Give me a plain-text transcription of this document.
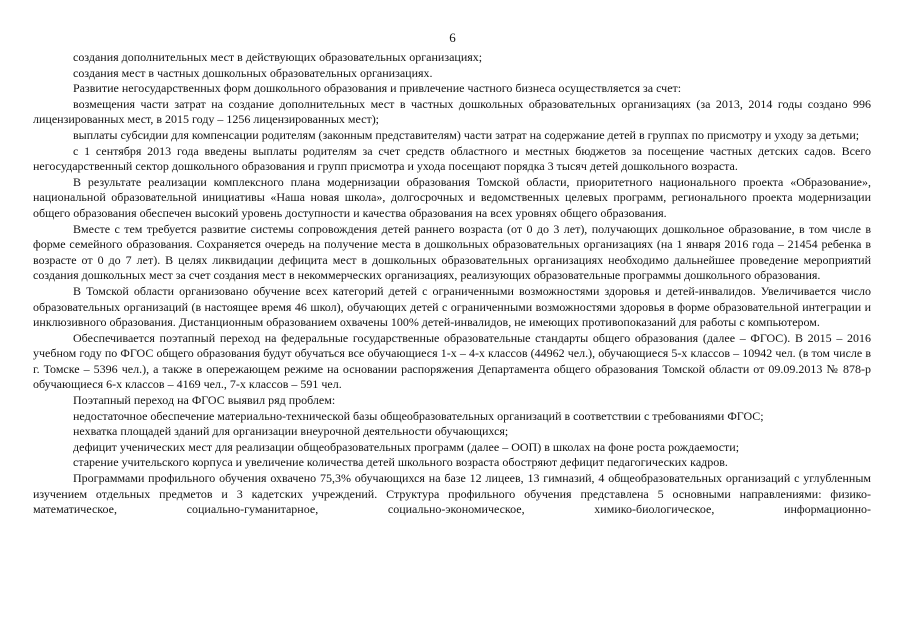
6

создания дополнительных мест в действующих образовательных организациях;

создания мест в частных дошкольных образовательных организациях.

Развитие негосударственных форм дошкольного образования и привлечение частного бизнеса осуществляется за счет:

возмещения части затрат на создание дополнительных мест в частных дошкольных образовательных организациях (за 2013, 2014 годы создано 996 лицензированных мест, в 2015 году – 1256 лицензированных мест);

выплаты субсидии для компенсации родителям (законным представителям) части затрат на содержание детей в группах по присмотру и уходу за детьми;

с 1 сентября 2013 года введены выплаты родителям за счет средств областного и местных бюджетов за посещение частных детских садов. Всего негосударственный сектор дошкольного образования и групп присмотра и ухода посещают порядка 3 тысяч детей дошкольного возраста.

В результате реализации комплексного плана модернизации образования Томской области, приоритетного национального проекта «Образование», национальной образовательной инициативы «Наша новая школа», долгосрочных и ведомственных целевых программ, регионального проекта модернизации общего образования обеспечен высокий уровень доступности и качества образования на всех уровнях общего образования.

Вместе с тем требуется развитие системы сопровождения детей раннего возраста (от 0 до 3 лет), получающих дошкольное образование, в том числе в форме семейного образования. Сохраняется очередь на получение места в дошкольных образовательных организациях (на 1 января 2016 года – 21454 ребенка в возрасте от 0 до 7 лет). В целях ликвидации дефицита мест в дошкольных образовательных организациях необходимо дальнейшее проведение мероприятий создания дошкольных мест за счет создания мест в некоммерческих организациях, реализующих образовательные программы дошкольного образования.

В Томской области организовано обучение всех категорий детей с ограниченными возможностями здоровья и детей-инвалидов. Увеличивается число образовательных организаций (в настоящее время 46 школ), обучающих детей с ограниченными возможностями здоровья в форме образовательной интеграции и инклюзивного образования. Дистанционным образованием охвачены 100% детей-инвалидов, не имеющих противопоказаний для работы с компьютером.

Обеспечивается поэтапный переход на федеральные государственные образовательные стандарты общего образования (далее – ФГОС). В 2015 – 2016 учебном году по ФГОС общего образования будут обучаться все обучающиеся 1-х – 4-х классов (44962 чел.), обучающиеся 5-х классов – 10942 чел. (в том числе в г. Томске – 5396 чел.), а также в опережающем режиме на основании распоряжения Департамента общего образования Томской области от 09.09.2013 № 878-р обучающиеся 6-х классов – 4169 чел., 7-х классов – 591 чел.

Поэтапный переход на ФГОС выявил ряд проблем:

недостаточное обеспечение материально-технической базы общеобразовательных организаций в соответствии с требованиями ФГОС;

нехватка площадей зданий для организации внеурочной деятельности обучающихся;

дефицит ученических мест для реализации общеобразовательных программ (далее – ООП) в школах на фоне роста рождаемости;

старение учительского корпуса и увеличение количества детей школьного возраста обостряют дефицит педагогических кадров.

Программами профильного обучения охвачено 75,3% обучающихся на базе 12 лицеев, 13 гимназий, 4 общеобразовательных организаций с углубленным изучением отдельных предметов и 3 кадетских учреждений. Структура профильного обучения представлена 5 основными направлениями: физико-математическое, социально-гуманитарное, социально-экономическое, химико-биологическое, информационно-
